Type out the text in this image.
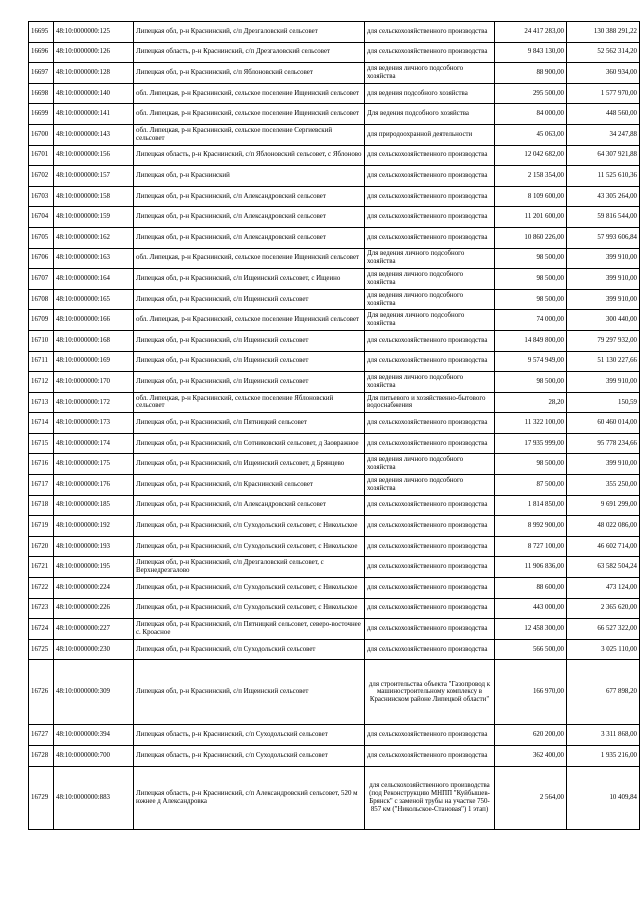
16695	48:10:0000000:125	Липецкая обл, р-н Краснинский, с/п Дрезгаловский сельсовет	для сельскохозяйственного производства	24 417 283,00	130 388 291,22
16696	48:10:0000000:126	Липецкая область, р-н Краснинский, с/п Дрезгаловский сельсовет	для сельскохозяйственного производства	9 843 130,00	52 562 314,20
16697	48:10:0000000:128	Липецкая обл, р-н Краснинский, с/п Яблоновский сельсовет	для ведения личного подсобного хозяйства	88 900,00	360 934,00
16698	48:10:0000000:140	обл. Липецкая, р-н Краснинский, сельское поселение Ищеинский сельсовет	для ведения подсобного хозяйства	295 500,00	1 577 970,00
16699	48:10:0000000:141	обл. Липецкая, р-н Краснинский, сельское поселение Ищеинский сельсовет	Для ведения подсобного хозяйства	84 000,00	448 560,00
16700	48:10:0000000:143	обл. Липецкая, р-н Краснинский, сельское поселение Сергиевский сельсовет	для природоохранной деятельности	45 063,00	34 247,88
16701	48:10:0000000:156	Липецкая область, р-н Краснинский, с/п Яблоновский сельсовет, с Яблоново	для сельскохозяйственного производства	12 042 682,00	64 307 921,88
16702	48:10:0000000:157	Липецкая обл, р-н Краснинский	для сельскохозяйственного производства	2 158 354,00	11 525 610,36
16703	48:10:0000000:158	Липецкая обл, р-н Краснинский, с/п Александровский сельсовет	для сельскохозяйственного производства	8 109 600,00	43 305 264,00
16704	48:10:0000000:159	Липецкая обл, р-н Краснинский, с/п Александровский сельсовет	для сельскохозяйственного производства	11 201 600,00	59 816 544,00
16705	48:10:0000000:162	Липецкая обл, р-н Краснинский, с/п Александровский сельсовет	для сельскохозяйственного производства	10 860 226,00	57 993 606,84
16706	48:10:0000000:163	обл. Липецкая, р-н Краснинский, сельское поселение Ищеинский сельсовет	Для ведения личного подсобного хозяйства	98 500,00	399 910,00
16707	48:10:0000000:164	Липецкая обл, р-н Краснинский, с/п Ищеинский сельсовет, с Ищеино	для ведения личного подсобного хозяйства	98 500,00	399 910,00
16708	48:10:0000000:165	Липецкая обл, р-н Краснинский, с/п Ищеинский сельсовет	для ведения личного подсобного хозяйства	98 500,00	399 910,00
16709	48:10:0000000:166	обл. Липецкая, р-н Краснинский, сельское поселение Ищеинский сельсовет	Для ведения личного подсобного хозяйства	74 000,00	300 440,00
16710	48:10:0000000:168	Липецкая обл, р-н Краснинский, с/п Ищеинский сельсовет	для сельскохозяйственного производства	14 849 800,00	79 297 932,00
16711	48:10:0000000:169	Липецкая обл, р-н Краснинский, с/п Ищеинский сельсовет	для сельскохозяйственного производства	9 574 949,00	51 130 227,66
16712	48:10:0000000:170	Липецкая обл, р-н Краснинский, с/п Ищеинский сельсовет	для ведения личного подсобного хозяйства	98 500,00	399 910,00
16713	48:10:0000000:172	обл. Липецкая, р-н Краснинский, сельское поселение Яблоновский сельсовет	Для питьевого и хозяйственно-бытового водоснабжения	28,20	150,59
16714	48:10:0000000:173	Липецкая обл, р-н Краснинский, с/п Пятницкий сельсовет	для сельскохозяйственного производства	11 322 100,00	60 460 014,00
16715	48:10:0000000:174	Липецкая обл, р-н Краснинский, с/п Сотниковский сельсовет, д Заовражное	для сельскохозяйственного производства	17 935 999,00	95 778 234,66
16716	48:10:0000000:175	Липецкая обл, р-н Краснинский, с/п Ищеинский сельсовет, д Брянцево	для ведения личного подсобного хозяйства	98 500,00	399 910,00
16717	48:10:0000000:176	Липецкая обл, р-н Краснинский, с/п Краснинский сельсовет	для ведения личного подсобного хозяйства	87 500,00	355 250,00
16718	48:10:0000000:185	Липецкая обл, р-н Краснинский, с/п Александровский сельсовет	для сельскохозяйственного производства	1 814 850,00	9 691 299,00
16719	48:10:0000000:192	Липецкая обл, р-н Краснинский, с/п Суходольский сельсовет, с Никольское	для сельскохозяйственного производства	8 992 900,00	48 022 086,00
16720	48:10:0000000:193	Липецкая обл, р-н Краснинский, с/п Суходольский сельсовет, с Никольское	для сельскохозяйственного производства	8 727 100,00	46 602 714,00
16721	48:10:0000000:195	Липецкая обл, р-н Краснинский, с/п Дрезгаловский сельсовет, с Верхнедрезгалово	для сельскохозяйственного производства	11 906 836,00	63 582 504,24
16722	48:10:0000000:224	Липецкая обл, р-н Краснинский, с/п Суходольский сельсовет, с Никольское	для сельскохозяйственного производства	88 600,00	473 124,00
16723	48:10:0000000:226	Липецкая обл, р-н Краснинский, с/п Суходольский сельсовет, с Никольское	для сельскохозяйственного производства	443 000,00	2 365 620,00
16724	48:10:0000000:227	Липецкая обл, р-н Краснинский, с/п Пятницкий сельсовет, северо-восточнее с. Кроасное	для сельскохозяйственного производства	12 458 300,00	66 527 322,00
16725	48:10:0000000:230	Липецкая обл, р-н Краснинский, с/п Суходольский сельсовет	для сельскохозяйственного производства	566 500,00	3 025 110,00
16726	48:10:0000000:309	Липецкая обл, р-н Краснинский, с/п Ищеинский сельсовет	для строительства объекта "Газопровод к машиностроительному комплексу в Краснинском районе Липецкой области"	166 970,00	677 898,20
16727	48:10:0000000:394	Липецкая область, р-н Краснинский, с/п Суходольский сельсовет	для сельскохозяйственного производства	620 200,00	3 311 868,00
16728	48:10:0000000:700	Липецкая область, р-н Краснинский, с/п Суходольский сельсовет	для сельскохозяйственного производства	362 400,00	1 935 216,00
16729	48:10:0000000:883	Липецкая область, р-н Краснинский, с/п Александровский сельсовет, 520 м южнее д Александровка	для сельскохозяйственного производства (под Реконструкцию МНПП "Куйбышев-Брянск" с заменой трубы на участке 750-857 км ("Никольское-Становая") 1 этап)	2 564,00	10 409,84
